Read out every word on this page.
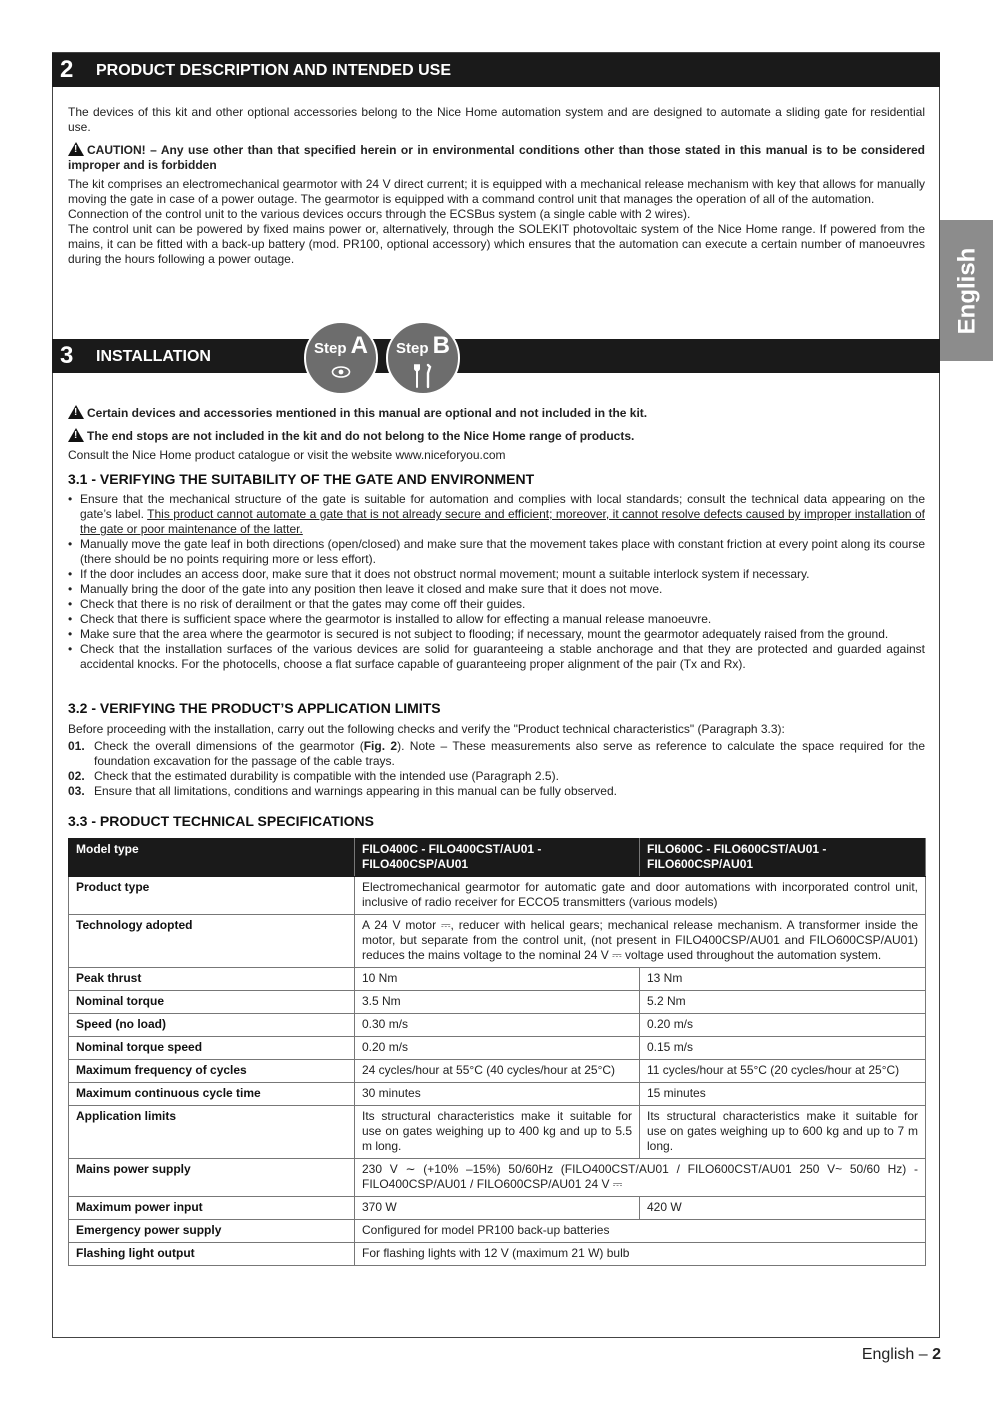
English
2 PRODUCT DESCRIPTION AND INTENDED USE

The devices of this kit and other optional accessories belong to the Nice Home automation system and are designed to automate a sliding gate for residential use.

!CAUTION! – Any use other than that specified herein or in environmental conditions other than those stated in this manual is to be considered improper and is forbidden

The kit comprises an electromechanical gearmotor with 24 V direct current; it is equipped with a mechanical release mechanism with key that allows for manually moving the gate in case of a power outage. The gearmotor is equipped with a command control unit that manages the operation of all of the automation.

Connection of the control unit to the various devices occurs through the ECSBus system (a single cable with 2 wires).

The control unit can be powered by fixed mains power or, alternatively, through the SOLEKIT photovoltaic system of the Nice Home range. If powered from the mains, it can be fitted with a back-up battery (mod. PR100, optional accessory) which ensures that the automation can execute a certain number of manoeuvres during the hours following a power outage.

3 INSTALLATION	Step A	Step B

!Certain devices and accessories mentioned in this manual are optional and not included in the kit.

!The end stops are not included in the kit and do not belong to the Nice Home range of products.

Consult the Nice Home product catalogue or visit the website www.niceforyou.com

3.1 - VERIFYING THE SUITABILITY OF THE GATE AND ENVIRONMENT
• Ensure that the mechanical structure of the gate is suitable for automation and complies with local standards; consult the technical data appearing on the gate’s label. This product cannot automate a gate that is not already secure and efficient; moreover, it cannot resolve defects caused by improper installation of the gate or poor maintenance of the latter.
• Manually move the gate leaf in both directions (open/closed) and make sure that the movement takes place with constant friction at every point along its course (there should be no points requiring more or less effort).
• If the door includes an access door, make sure that it does not obstruct normal movement; mount a suitable interlock system if necessary.
• Manually bring the door of the gate into any position then leave it closed and make sure that it does not move.
• Check that there is no risk of derailment or that the gates may come off their guides.
• Check that there is sufficient space where the gearmotor is installed to allow for effecting a manual release manoeuvre.
• Make sure that the area where the gearmotor is secured is not subject to flooding; if necessary, mount the gearmotor adequately raised from the ground.
• Check that the installation surfaces of the various devices are solid for guaranteeing a stable anchorage and that they are protected and guarded against accidental knocks. For the photocells, choose a flat surface capable of guaranteeing proper alignment of the pair (Tx and Rx).
3.2 - VERIFYING THE PRODUCT’S APPLICATION LIMITS

Before proceeding with the installation, carry out the following checks and verify the "Product technical characteristics" (Paragraph 3.3):

01. Check the overall dimensions of the gearmotor (Fig. 2). Note – These measurements also serve as reference to calculate the space required for the foundation excavation for the passage of the cable trays.
02. Check that the estimated durability is compatible with the intended use (Paragraph 2.5).
03. Ensure that all limitations, conditions and warnings appearing in this manual can be fully observed.
3.3 - PRODUCT TECHNICAL SPECIFICATIONS
Model type	FILO400C - FILO400CST/AU01 - FILO400CSP/AU01	FILO600C - FILO600CST/AU01 - FILO600CSP/AU01
Product type	Electromechanical gearmotor for automatic gate and door automations with incorporated control unit, inclusive of radio receiver for ECCO5 transmitters (various models)	
Technology adopted	A 24 V motor ⎓, reducer with helical gears; mechanical release mechanism. A transformer inside the motor, but separate from the control unit, (not present in FILO400CSP/AU01 and FILO600CSP/AU01) reduces the mains voltage to the nominal 24 V ⎓ voltage used throughout the automation system.	
Peak thrust	10 Nm	13 Nm
Nominal torque	3.5 Nm	5.2 Nm
Speed (no load)	0.30 m/s	0.20 m/s
Nominal torque speed	0.20 m/s	0.15 m/s
Maximum frequency of cycles	24 cycles/hour at 55°C (40 cycles/hour at 25°C)	11 cycles/hour at 55°C (20 cycles/hour at 25°C)
Maximum continuous cycle time	30 minutes	15 minutes
Application limits	Its structural characteristics make it suitable for use on gates weighing up to 400 kg and up to 5.5 m long.	Its structural characteristics make it suitable for use on gates weighing up to 600 kg and up to 7 m long.
Mains power supply	230 V ∼ (+10% –15%) 50/60Hz (FILO400CST/AU01 / FILO600CST/AU01 250 V~ 50/60 Hz) - FILO400CSP/AU01 / FILO600CSP/AU01 24 V ⎓	
Maximum power input	370 W	420 W
Emergency power supply	Configured for model PR100 back-up batteries	
Flashing light output	For flashing lights with 12 V (maximum 21 W) bulb	
English – 2
